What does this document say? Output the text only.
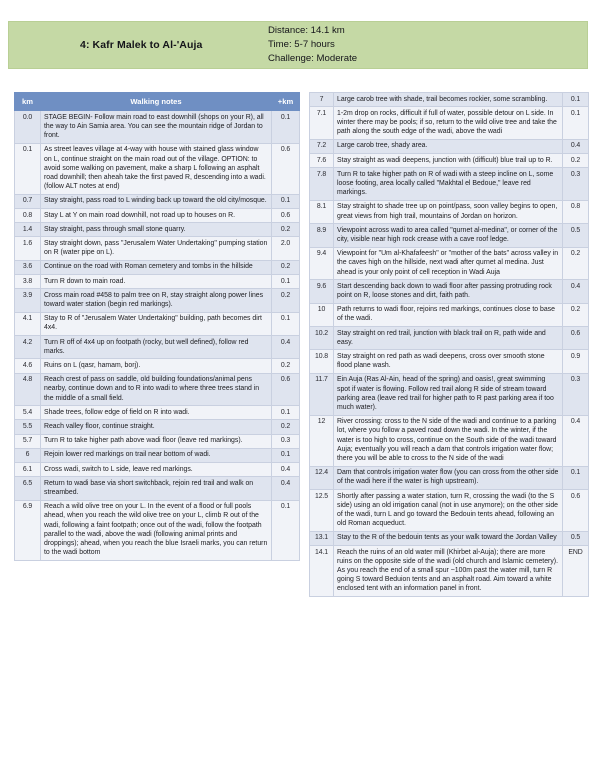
4: Kafr Malek to Al-'Auja
Distance: 14.1 km
Time: 5-7 hours
Challenge: Moderate
km	Walking notes	+km
0.0	STAGE BEGIN- Follow main road to east downhill (shops on your R), all the way to Ain Samia area. You can see the mountain ridge of Jordan to front.	0.1
0.1	As street leaves village at 4-way with house with stained glass window on L, continue straight on the main road out of the village. OPTION: to avoid some walking on pavement, make a sharp L following an asphalt road downhill; then aheah take the first paved R, descending into a wadi. (follow ALT notes at end)	0.6
0.7	Stay straight, pass road to L winding back up toward the old city/mosque.	0.1
0.8	Stay L at Y on main road downhill, not road up to houses on R.	0.6
1.4	Stay straight, pass through small stone quarry.	0.2
1.6	Stay straight down, pass "Jerusalem Water Undertaking" pumping station on R (water pipe on L).	2.0
3.6	Continue on the road with Roman cemetery and tombs in the hillside	0.2
3.8	Turn R down to main road.	0.1
3.9	Cross main road #458 to palm tree on R, stay straight along power lines toward water station (begin red markings).	0.2
4.1	Stay to R of "Jerusalem Water Undertaking" building, path becomes dirt 4x4.	0.1
4.2	Turn R off of 4x4 up on footpath (rocky, but well defined), follow red marks.	0.4
4.6	Ruins on L (qasr, hamam, borj).	0.2
4.8	Reach crest of pass on saddle, old building foundations/animal pens nearby, continue down and to R into wadi to where three trees stand in the middle of a small field.	0.6
5.4	Shade trees, follow edge of field on R into wadi.	0.1
5.5	Reach valley floor, continue straight.	0.2
5.7	Turn R to take higher path above wadi floor (leave red markings).	0.3
6	Rejoin lower red markings on trail near bottom of wadi.	0.1
6.1	Cross wadi, switch to L side, leave red markings.	0.4
6.5	Return to wadi base via short switchback, rejoin red trail and walk on streambed.	0.4
6.9	Reach a wild olive tree on your L. In the event of a flood or full pools ahead, when you reach the wild olive tree on your L, climb R out of the wadi, following a faint footpath; once out of the wadi, follow the footpath parallel to the wadi, above the wadi (following animal prints and droppings); ahead, when you reach the blue Israeli marks, you can return to the wadi bottom	0.1
7	Large carob tree with shade, trail becomes rockier, some scrambling.	0.1
7.1	1-2m drop on rocks, difficult if full of water, possible detour on L side. In winter there may be pools; if so, return to the wild olive tree and take the path along the south edge of the wadi, above the wadi	0.1
7.2	Large carob tree, shady area.	0.4
7.6	Stay straight as wadi deepens, junction with (difficult) blue trail up to R.	0.2
7.8	Turn R to take higher path on R of wadi with a steep incline on L, some loose footing, area locally called "Makhtal el Bedoue," leave red markings.	0.3
8.1	Stay straight to shade tree up on point/pass, soon valley begins to open, great views from high trail, mountains of Jordan on horizon.	0.8
8.9	Viewpoint across wadi to area called "qurnet al-medina", or corner of the city, visible near high rock crease with a cave roof ledge.	0.5
9.4	Viewpoint for "Um al-Khafafeesh" or "mother of the bats" across valley in the caves high on the hillside, next wadi after qurnet al medina. Just ahead is your only point of cell reception in Wadi Auja	0.2
9.6	Start descending back down to wadi floor after passing protruding rock point on R, loose stones and dirt, faith path.	0.4
10	Path returns to wadi floor, rejoins red markings, continues close to base of the wadi.	0.2
10.2	Stay straight on red trail, junction with black trail on R, path wide and easy.	0.6
10.8	Stay straight on red path as wadi deepens, cross over smooth stone flood plane wash.	0.9
11.7	Ein Auja (Ras Al-Ain, head of the spring) and oasis!, great swimming spot if water is flowing. Follow red trail along R side of stream toward parking area (leave red trail for higher path to R past parking area if too much water).	0.3
12	River crossing: cross to the N side of the wadi and continue to a parking lot, where you follow a paved road down the wadi. In the winter, if the water is too high to cross, continue on the South side of the wadi toward Auja; eventually you will reach a dam that controls irrigation water flow; there you will be able to cross to the N side of the wadi	0.4
12.4	Dam that controls irrigation water flow (you can cross from the other side of the wadi here if the water is high upstream).	0.1
12.5	Shortly after passing a water station, turn R, crossing the wadi (to the S side) using an old irrigation canal (not in use anymore); on the other side of the wadi, turn L and go toward the Bedouin tents ahead, following an old Roman acqueduct.	0.6
13.1	Stay to the R of the bedouin tents as your walk toward the Jordan Valley	0.5
14.1	Reach the ruins of an old water mill (Khirbet al-Auja); there are more ruins on the opposite side of the wadi (old church and Islamic cemetery). As you reach the end of a small spur ~100m past the water mill, turn R going S toward Beduion tents and an asphalt road. Aim toward a white enclosed tent with an information panel in front.	END
